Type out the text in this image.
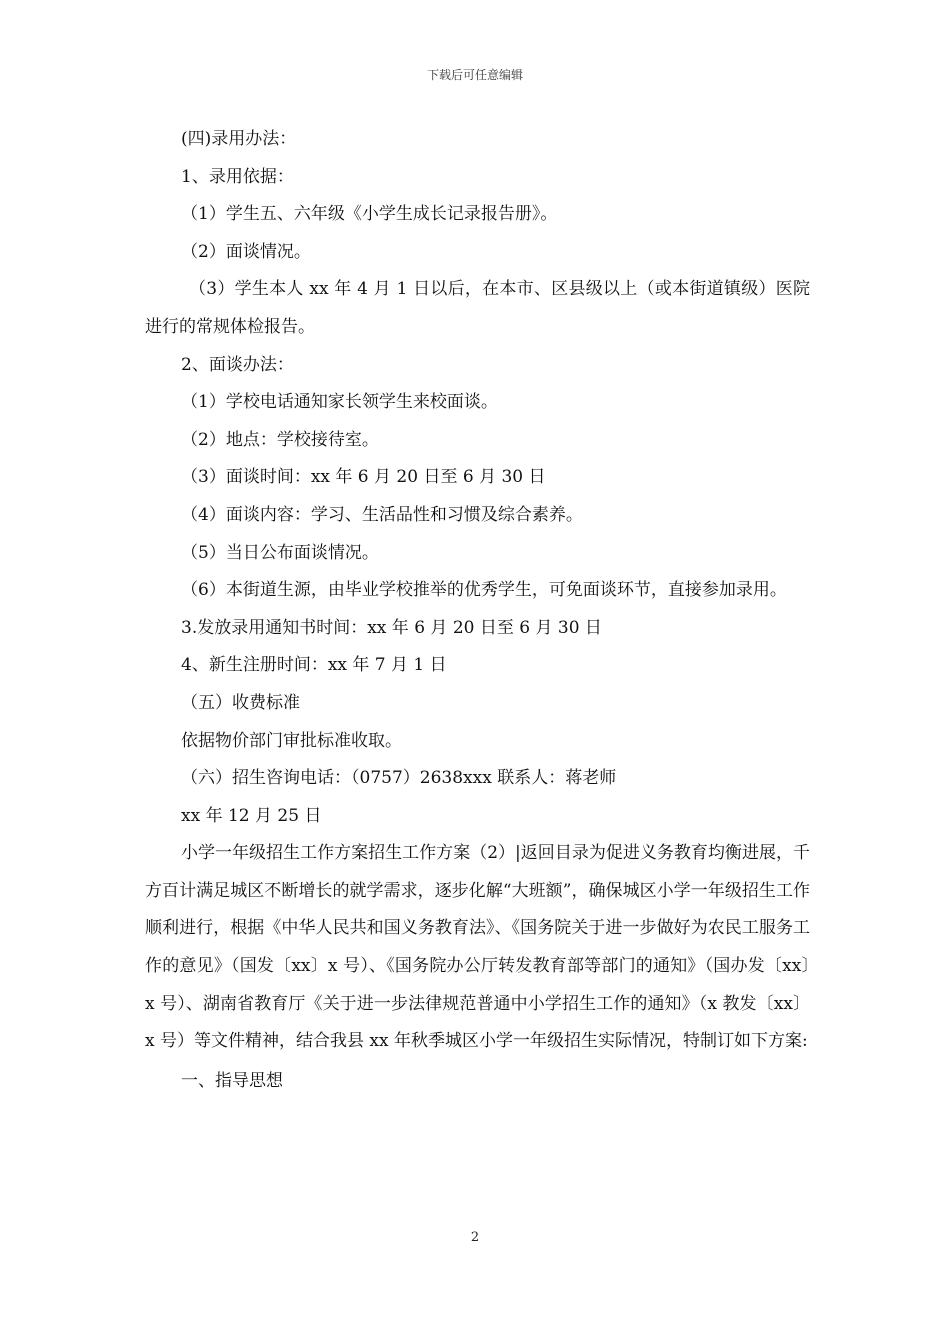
下载后可任意编辑

(四)录用办法：

1、录用依据：

（1）学生五、六年级《小学生成长记录报告册》。

（2）面谈情况。

（3）学生本人 xx 年 4 月 1 日以后，在本市、区县级以上（或本街道镇级）医院进行的常规体检报告。

2、面谈办法：

（1）学校电话通知家长领学生来校面谈。

（2）地点：学校接待室。

（3）面谈时间：xx 年 6 月 20 日至 6 月 30 日

（4）面谈内容：学习、生活品性和习惯及综合素养。

（5）当日公布面谈情况。

（6）本街道生源，由毕业学校推举的优秀学生，可免面谈环节，直接参加录用。

3.发放录用通知书时间：xx 年 6 月 20 日至 6 月 30 日

4、新生注册时间：xx 年 7 月 1 日

（五）收费标准

依据物价部门审批标准收取。

（六）招生咨询电话：（0757）2638xxx 联系人：蒋老师

xx 年 12 月 25 日

小学一年级招生工作方案招生工作方案（2）|返回目录为促进义务教育均衡进展，千方百计满足城区不断增长的就学需求，逐步化解“大班额”，确保城区小学一年级招生工作顺利进行，根据《中华人民共和国义务教育法》、《国务院关于进一步做好为农民工服务工作的意见》（国发〔xx〕x 号）、《国务院办公厅转发教育部等部门的通知》（国办发〔xx〕x 号）、湖南省教育厅《关于进一步法律规范普通中小学招生工作的通知》（x 教发〔xx〕x 号）等文件精神，结合我县 xx 年秋季城区小学一年级招生实际情况，特制订如下方案:

一、指导思想

2
